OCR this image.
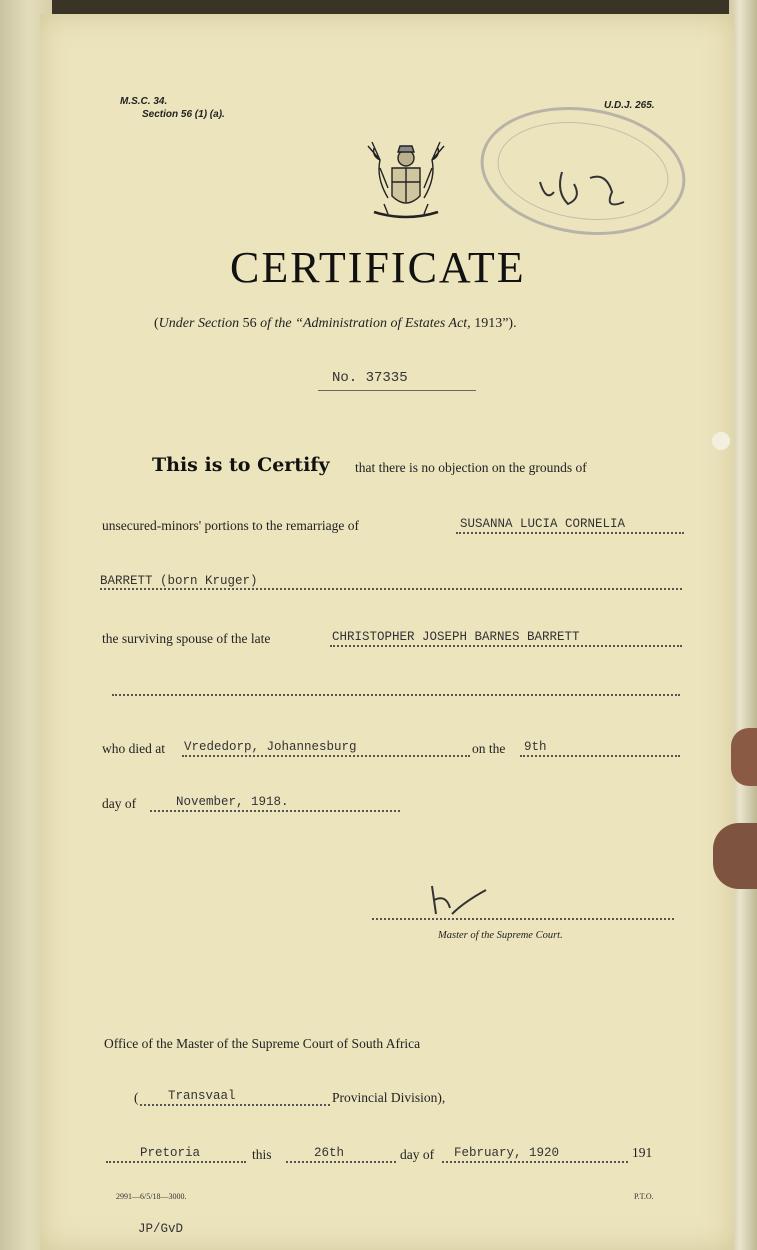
M.S.C. 34.
Section 56 (1) (a).
U.D.J. 265.
CERTIFICATE
(Under Section 56 of the “Administration of Estates Act, 1913”).
No. 37335
This is to Certify that there is no objection on the grounds of
unsecured-minors' portions to the remarriage of	SUSANNA LUCIA CORNELIA
BARRETT (born Kruger)
the surviving spouse of the late	CHRISTOPHER JOSEPH BARNES BARRETT
who died at Vrededorp, Johannesburg	on the 9th
day of	November, 1918.
Master of the Supreme Court.
Office of the Master of the Supreme Court of South Africa
( Transvaal	Provincial Division),
Pretoria	this	26th	day of February, 1920	191
2991—6/5/18—3000.	P.T.O.
JP/GvD
